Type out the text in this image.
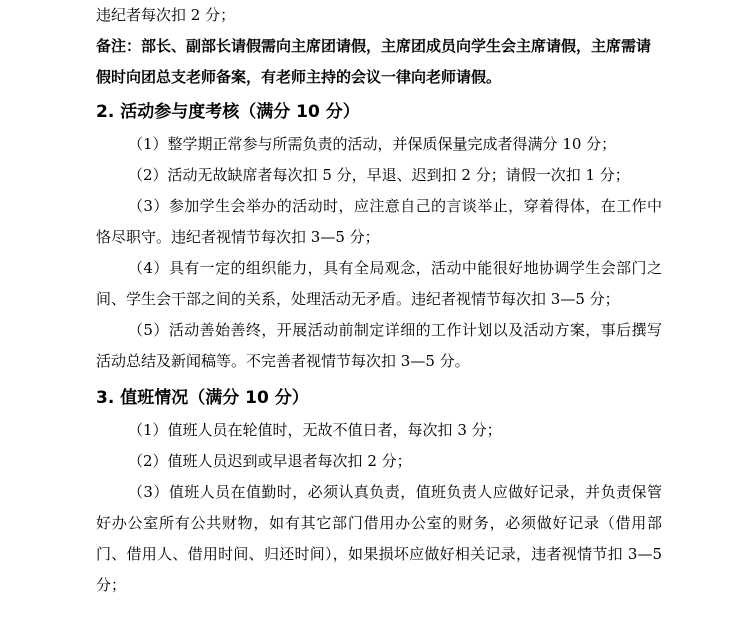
违纪者每次扣 2 分；

备注：部长、副部长请假需向主席团请假，主席团成员向学生会主席请假，主席需请假时向团总支老师备案，有老师主持的会议一律向老师请假。

2. 活动参与度考核（满分 10 分）

（1）整学期正常参与所需负责的活动，并保质保量完成者得满分 10 分；

（2）活动无故缺席者每次扣 5 分，早退、迟到扣 2 分；请假一次扣 1 分；

（3）参加学生会举办的活动时，应注意自己的言谈举止，穿着得体，在工作中恪尽职守。违纪者视情节每次扣 3—5 分；

（4）具有一定的组织能力，具有全局观念，活动中能很好地协调学生会部门之间、学生会干部之间的关系，处理活动无矛盾。违纪者视情节每次扣 3—5 分；

（5）活动善始善终，开展活动前制定详细的工作计划以及活动方案，事后撰写活动总结及新闻稿等。不完善者视情节每次扣 3—5 分。

3. 值班情况（满分 10 分）

（1）值班人员在轮值时，无故不值日者，每次扣 3 分；

（2）值班人员迟到或早退者每次扣 2 分；

（3）值班人员在值勤时，必须认真负责，值班负责人应做好记录，并负责保管好办公室所有公共财物，如有其它部门借用办公室的财务，必须做好记录（借用部门、借用人、借用时间、归还时间），如果损坏应做好相关记录，违者视情节扣 3—5 分；
